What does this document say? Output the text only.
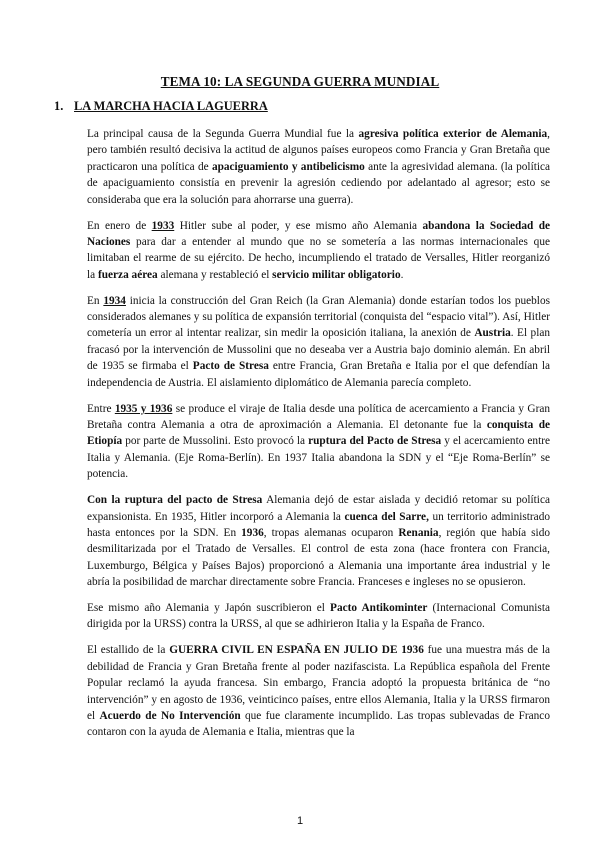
TEMA 10: LA SEGUNDA GUERRA MUNDIAL
1. LA MARCHA HACIA LAGUERRA

La principal causa de la Segunda Guerra Mundial fue la agresiva política exterior de Alemania, pero también resultó decisiva la actitud de algunos países europeos como Francia y Gran Bretaña que practicaron una política de apaciguamiento y antibelicismo ante la agresividad alemana. (la política de apaciguamiento consistía en prevenir la agresión cediendo por adelantado al agresor; esto se consideraba que era la solución para ahorrarse una guerra).

En enero de 1933 Hitler sube al poder, y ese mismo año Alemania abandona la Sociedad de Naciones para dar a entender al mundo que no se sometería a las normas internacionales que limitaban el rearme de su ejército. De hecho, incumpliendo el tratado de Versalles, Hitler reorganizó la fuerza aérea alemana y restableció el servicio militar obligatorio.

En 1934 inicia la construcción del Gran Reich (la Gran Alemania) donde estarían todos los pueblos considerados alemanes y su política de expansión territorial (conquista del “espacio vital”). Así, Hitler cometería un error al intentar realizar, sin medir la oposición italiana, la anexión de Austria. El plan fracasó por la intervención de Mussolini que no deseaba ver a Austria bajo dominio alemán. En abril de 1935 se firmaba el Pacto de Stresa entre Francia, Gran Bretaña e Italia por el que defendían la independencia de Austria. El aislamiento diplomático de Alemania parecía completo.

Entre 1935 y 1936 se produce el viraje de Italia desde una política de acercamiento a Francia y Gran Bretaña contra Alemania a otra de aproximación a Alemania. El detonante fue la conquista de Etiopía por parte de Mussolini. Esto provocó la ruptura del Pacto de Stresa y el acercamiento entre Italia y Alemania. (Eje Roma-Berlín). En 1937 Italia abandona la SDN y el “Eje Roma-Berlín” se potencia.

Con la ruptura del pacto de Stresa Alemania dejó de estar aislada y decidió retomar su política expansionista. En 1935, Hitler incorporó a Alemania la cuenca del Sarre, un territorio administrado hasta entonces por la SDN. En 1936, tropas alemanas ocuparon Renania, región que había sido desmilitarizada por el Tratado de Versalles. El control de esta zona (hace frontera con Francia, Luxemburgo, Bélgica y Países Bajos) proporcionó a Alemania una importante área industrial y le abría la posibilidad de marchar directamente sobre Francia. Franceses e ingleses no se opusieron.

Ese mismo año Alemania y Japón suscribieron el Pacto Antikominter (Internacional Comunista dirigida por la URSS) contra la URSS, al que se adhirieron Italia y la España de Franco.

El estallido de la GUERRA CIVIL EN ESPAÑA EN JULIO DE 1936 fue una muestra más de la debilidad de Francia y Gran Bretaña frente al poder nazifascista. La República española del Frente Popular reclamó la ayuda francesa. Sin embargo, Francia adoptó la propuesta británica de “no intervención” y en agosto de 1936, veinticinco países, entre ellos Alemania, Italia y la URSS firmaron el Acuerdo de No Intervención que fue claramente incumplido. Las tropas sublevadas de Franco contaron con la ayuda de Alemania e Italia, mientras que la

1
